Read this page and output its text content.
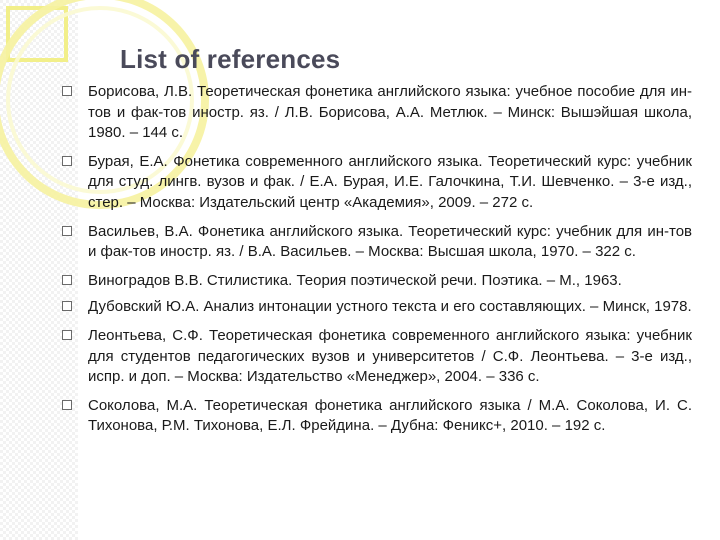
List of references
Борисова, Л.В. Теоретическая фонетика английского языка: учебное пособие для ин-тов и фак-тов иностр. яз. / Л.В. Борисова, А.А. Метлюк. – Минск: Вышэйшая школа, 1980. – 144 с.
Бурая, Е.А. Фонетика современного английского языка. Теоретический курс: учебник для студ. лингв. вузов и фак. / Е.А. Бурая, И.Е. Галочкина, Т.И. Шевченко. – 3-е изд., стер. – Москва: Издательский центр «Академия», 2009. – 272 с.
Васильев, В.А. Фонетика английского языка. Теоретический курс: учебник для ин-тов и фак-тов иностр. яз. / В.А. Васильев. – Москва: Высшая школа, 1970. – 322 с.
Виноградов В.В. Стилистика. Теория поэтической речи. Поэтика. – М., 1963.
Дубовский Ю.А. Анализ интонации устного текста и его составляющих. – Минск, 1978.
Леонтьева, С.Ф. Теоретическая фонетика современного английского языка: учебник для студентов педагогических вузов и университетов / С.Ф. Леонтьева. – 3-е изд., испр. и доп. – Москва: Издательство «Менеджер», 2004. – 336 с.
Соколова, М.А. Теоретическая фонетика английского языка / М.А. Соколова, И. С. Тихонова, Р.М. Тихонова, Е.Л. Фрейдина. – Дубна: Феникс+, 2010. – 192 с.
